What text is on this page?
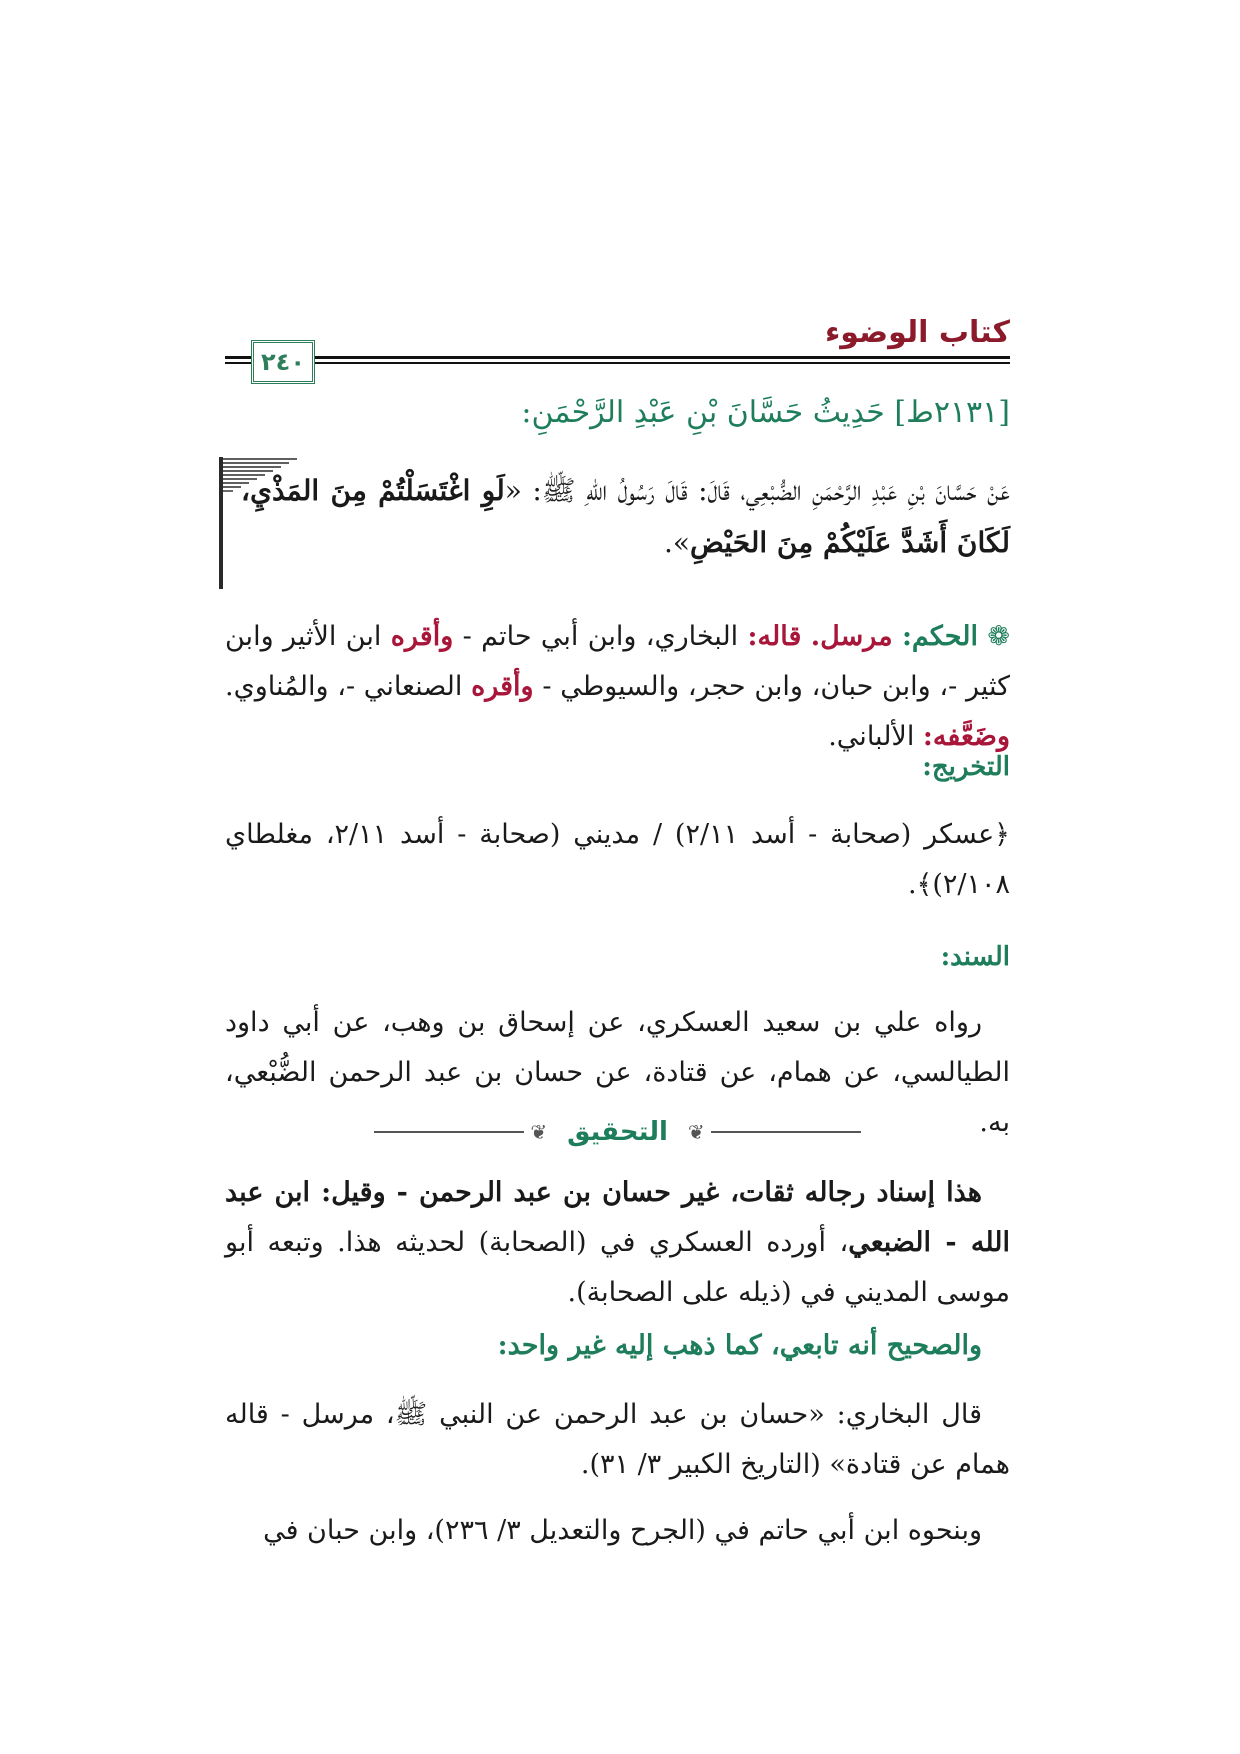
كتاب الوضوء
٢٤٠
[٢١٣١ط] حَدِيثُ حَسَّانَ بْنِ عَبْدِ الرَّحْمَنِ:
عَنْ حَسَّانَ بْنِ عَبْدِ الرَّحْمَنِ الضُّبْعِي، قَالَ: قَالَ رَسُولُ اللهِ ﷺ: «لَوِ اغْتَسَلْتُمْ مِنَ المَذْيِ، لَكَانَ أَشَدَّ عَلَيْكُمْ مِنَ الحَيْضِ».
❁ الحكم: مرسل. قاله: البخاري، وابن أبي حاتم - وأقره ابن الأثير وابن كثير -، وابن حبان، وابن حجر، والسيوطي - وأقره الصنعاني -، والمُناوي. وضَعَّفه: الألباني.
التخريج:
﴿عسكر (صحابة - أسد ٢/١١) / مديني (صحابة - أسد ٢/١١، مغلطاي ٢/١٠٨)﴾.
السند:
رواه علي بن سعيد العسكري، عن إسحاق بن وهب، عن أبي داود الطيالسي، عن همام، عن قتادة، عن حسان بن عبد الرحمن الضُّبْعي، به.
❦
التحقيق
❦
هذا إسناد رجاله ثقات، غير حسان بن عبد الرحمن - وقيل: ابن عبد الله - الضبعي، أورده العسكري في (الصحابة) لحديثه هذا. وتبعه أبو موسى المديني في (ذيله على الصحابة).
والصحيح أنه تابعي، كما ذهب إليه غير واحد:
قال البخاري: «حسان بن عبد الرحمن عن النبي ﷺ، مرسل - قاله همام عن قتادة» (التاريخ الكبير ٣/ ٣١).
وبنحوه ابن أبي حاتم في (الجرح والتعديل ٣/ ٢٣٦)، وابن حبان في
